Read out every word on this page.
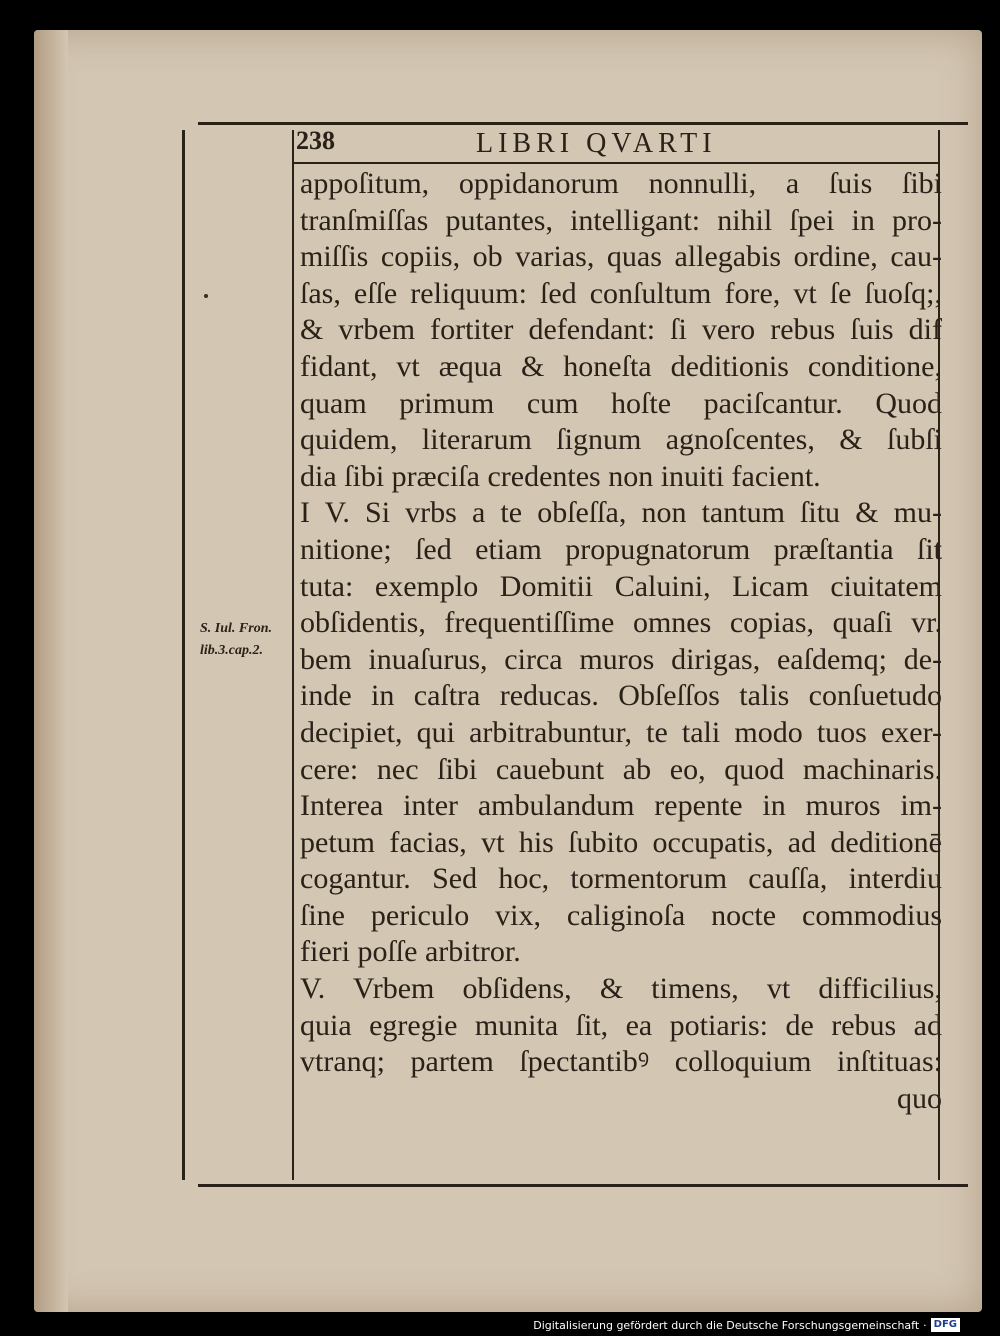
238	LIBRI QVARTI
S. Iul. Fron.
lib.3.cap.2.
appoſitum, oppidanorum nonnulli, a ſuis ſibi
tranſmiſſas putantes, intelligant: nihil ſpei in pro-
miſſis copiis, ob varias, quas allegabis ordine, cau-
ſas, eſſe reliquum: ſed conſultum fore, vt ſe ſuoſq;,
& vrbem fortiter defendant: ſi vero rebus ſuis dif
fidant, vt æqua & honeſta deditionis conditione,
quam primum cum hoſte paciſcantur. Quod
quidem, literarum ſignum agnoſcentes, & ſubſi
dia ſibi præciſa credentes non inuiti facient.
I V. Si vrbs a te obſeſſa, non tantum ſitu & mu-
nitione; ſed etiam propugnatorum præſtantia ſit
tuta: exemplo Domitii Caluini, Licam ciuitatem
obſidentis, frequentiſſime omnes copias, quaſi vr.
bem inuaſurus, circa muros dirigas, eaſdemq; de-
inde in caſtra reducas. Obſeſſos talis conſuetudo
decipiet, qui arbitrabuntur, te tali modo tuos exer-
cere: nec ſibi cauebunt ab eo, quod machinaris.
Interea inter ambulandum repente in muros im-
petum facias, vt his ſubito occupatis, ad deditionē
cogantur. Sed hoc, tormentorum cauſſa, interdiu
ſine periculo vix, caliginoſa nocte commodius
fieri poſſe arbitror.
V. Vrbem obſidens, & timens, vt difficilius,
quia egregie munita ſit, ea potiaris: de rebus ad
vtranq; partem ſpectantibꝰ colloquium inſtituas:
quo
Digitalisierung gefördert durch die Deutsche Forschungsgemeinschaft · DFG
